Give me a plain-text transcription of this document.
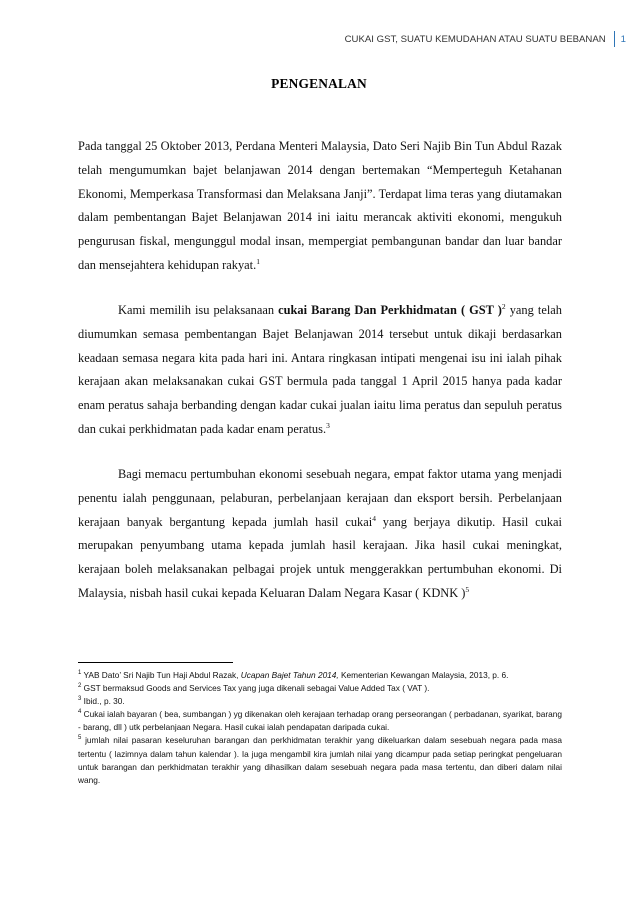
CUKAI GST, SUATU KEMUDAHAN ATAU SUATU BEBANAN	1
PENGENALAN

Pada tanggal 25 Oktober 2013, Perdana Menteri Malaysia, Dato Seri Najib Bin Tun Abdul Razak telah mengumumkan bajet belanjawan 2014 dengan bertemakan “Memperteguh Ketahanan Ekonomi, Memperkasa Transformasi dan Melaksana Janji”. Terdapat lima teras yang diutamakan dalam pembentangan Bajet Belanjawan 2014 ini iaitu merancak aktiviti ekonomi, mengukuh pengurusan fiskal, mengunggul modal insan, mempergiat pembangunan bandar dan luar bandar dan mensejahtera kehidupan rakyat.$^1$

Kami memilih isu pelaksanaan cukai Barang Dan Perkhidmatan ( GST )$^2$ yang telah diumumkan semasa pembentangan Bajet Belanjawan 2014 tersebut untuk dikaji berdasarkan keadaan semasa negara kita pada hari ini. Antara ringkasan intipati mengenai isu ini ialah pihak kerajaan akan melaksanakan cukai GST bermula pada tanggal 1 April 2015 hanya pada kadar enam peratus sahaja berbanding dengan kadar cukai jualan iaitu lima peratus dan sepuluh peratus dan cukai perkhidmatan pada kadar enam peratus.$^3$

Bagi memacu pertumbuhan ekonomi sesebuah negara, empat faktor utama yang menjadi penentu ialah penggunaan, pelaburan, perbelanjaan kerajaan dan eksport bersih. Perbelanjaan kerajaan banyak bergantung kepada jumlah hasil cukai$^4$ yang berjaya dikutip. Hasil cukai merupakan penyumbang utama kepada jumlah hasil kerajaan. Jika hasil cukai meningkat, kerajaan boleh melaksanakan pelbagai projek untuk menggerakkan pertumbuhan ekonomi. Di Malaysia, nisbah hasil cukai kepada Keluaran Dalam Negara Kasar ( KDNK )$^5$

$^1$ YAB Dato’ Sri Najib Tun Haji Abdul Razak, Ucapan Bajet Tahun 2014, Kementerian Kewangan Malaysia, 2013, p. 6.

$^2$ GST bermaksud Goods and Services Tax yang juga dikenali sebagai Value Added Tax ( VAT ).

$^3$ Ibid., p. 30.

$^4$ Cukai ialah bayaran ( bea, sumbangan ) yg dikenakan oleh kerajaan terhadap orang perseorangan ( perbadanan, syarikat, barang - barang, dll ) utk perbelanjaan Negara. Hasil cukai ialah pendapatan daripada cukai.

$^5$ jumlah nilai pasaran keseluruhan barangan dan perkhidmatan terakhir yang dikeluarkan dalam sesebuah negara pada masa tertentu ( lazimnya dalam tahun kalendar ). Ia juga mengambil kira jumlah nilai yang dicampur pada setiap peringkat pengeluaran untuk barangan dan perkhidmatan terakhir yang dihasilkan dalam sesebuah negara pada masa tertentu, dan diberi dalam nilai wang.
